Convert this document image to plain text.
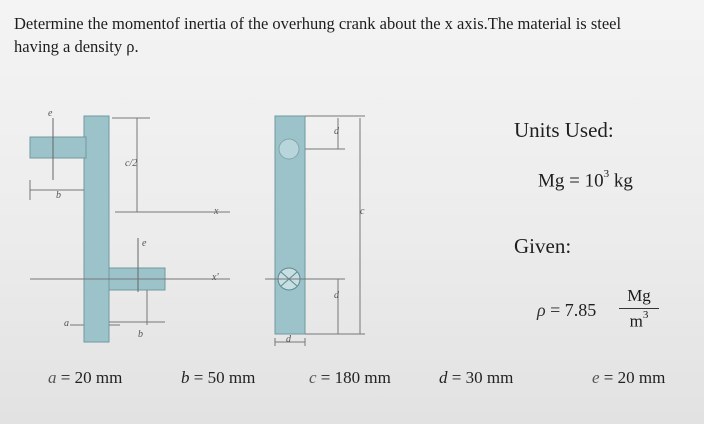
Determine the momentof inertia of the overhung crank about the x axis.The material is steel
having a density ρ.
e
c/2
b
x
e
x'
a
b
d
c
d
d
Units Used:
$Mg = 10^3$ kg
Given:
ρ = 7.85
Mg
$m^3$
a = 20 mm	b = 50 mm	c = 180 mm	d = 30 mm	e = 20 mm
